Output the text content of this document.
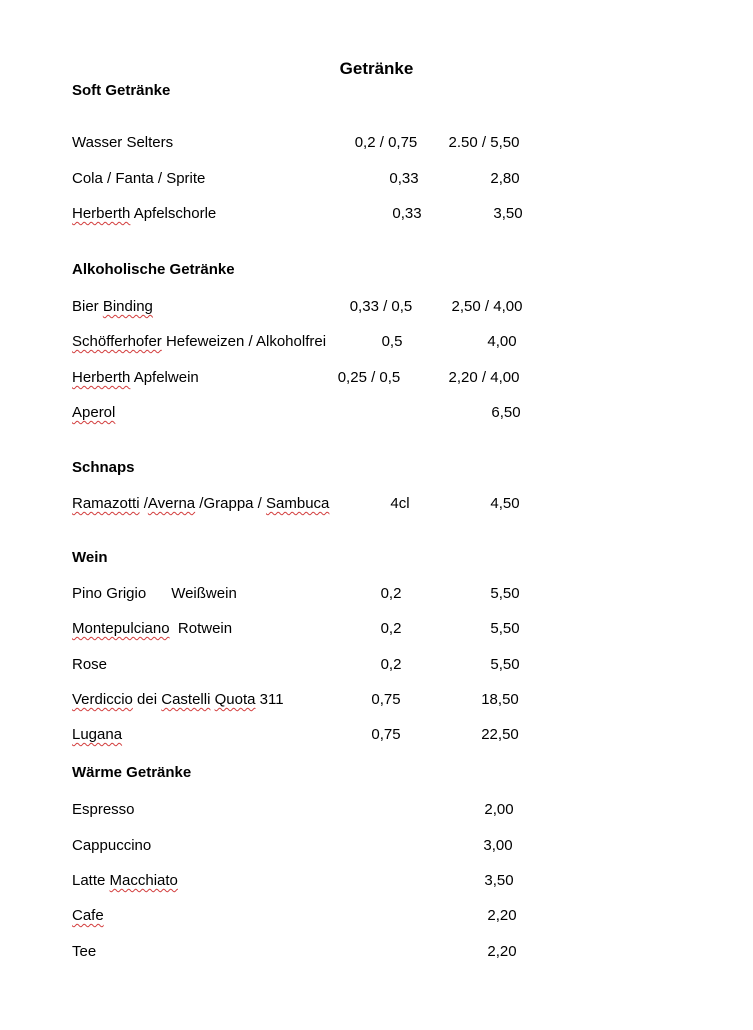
Getränke
Soft Getränke
Wasser Selters	0,2 / 0,75	2.50 / 5,50
Cola / Fanta / Sprite	0,33	2,80
Herberth Apfelschorle	0,33	3,50
Alkoholische Getränke
Bier Binding	0,33 / 0,5	2,50 / 4,00
Schöfferhofer Hefeweizen / Alkoholfrei	0,5	4,00
Herberth Apfelwein	0,25 / 0,5	2,20 / 4,00
Aperol	6,50
Schnaps
Ramazotti /Averna /Grappa / Sambuca	4cl	4,50
Wein
Pino Grigio      Weißwein	0,2	5,50
Montepulciano  Rotwein	0,2	5,50
Rose	0,2	5,50
Verdiccio dei Castelli Quota 311	0,75	18,50
Lugana	0,75	22,50
Wärme Getränke
Espresso	2,00
Cappuccino	3,00
Latte Macchiato	3,50
Cafe	2,20
Tee	2,20
